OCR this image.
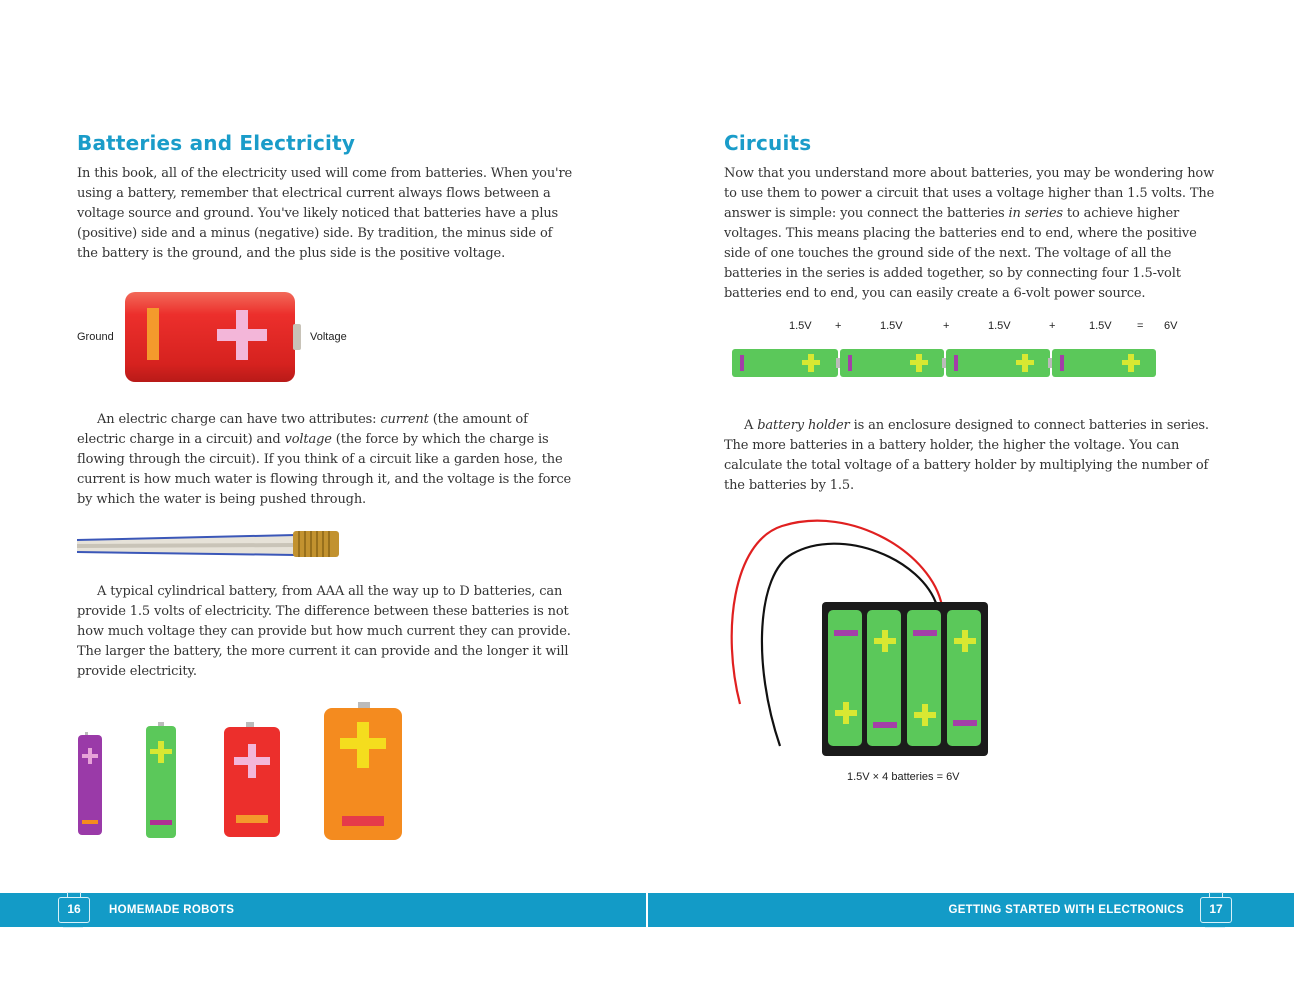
Batteries and Electricity

In this book, all of the electricity used will come from batteries. When you're using a battery, remember that electrical current always flows between a voltage source and ground. You've likely noticed that batteries have a plus (positive) side and a minus (negative) side. By tradition, the minus side of the battery is the ground, and the plus side is the positive voltage.

Ground	Voltage

An electric charge can have two attributes: current (the amount of electric charge in a circuit) and voltage (the force by which the charge is flowing through the circuit). If you think of a circuit like a garden hose, the current is how much water is flowing through it, and the voltage is the force by which the water is being pushed through.

A typical cylindrical battery, from AAA all the way up to D batteries, can provide 1.5 volts of electricity. The difference between these batteries is not how much voltage they can provide but how much current they can provide. The larger the battery, the more current it can provide and the longer it will provide electricity.

Circuits

Now that you understand more about batteries, you may be wondering how to use them to power a circuit that uses a voltage higher than 1.5 volts. The answer is simple: you connect the batteries in series to achieve higher voltages. This means placing the batteries end to end, where the positive side of one touches the ground side of the next. The voltage of all the batteries in the series is added together, so by connecting four 1.5-volt batteries end to end, you can easily create a 6-volt power source.

1.5V +	1.5V	+	1.5V	+	1.5V = 6V

A battery holder is an enclosure designed to connect batteries in series. The more batteries in a battery holder, the higher the voltage. You can calculate the total voltage of a battery holder by multiplying the number of the batteries by 1.5.

1.5V × 4 batteries = 6V
16	HOMEMADE ROBOTS	GETTING STARTED WITH ELECTRONICS	17
